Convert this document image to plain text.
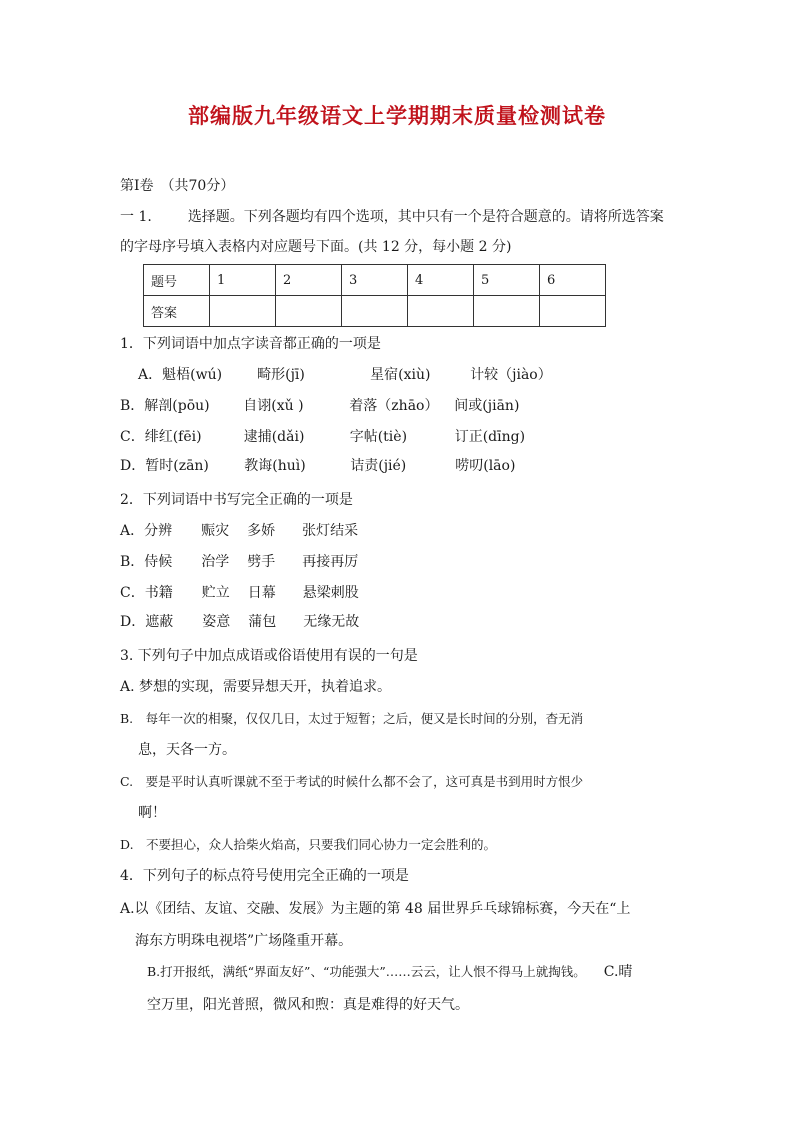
部编版九年级语文上学期期末质量检测试卷
第Ⅰ卷　（共70分）
一 1.	选择题。下列各题均有四个选项，其中只有一个是符合题意的。请将所选答案
的字母序号填入表格内对应题号下面。(共 12 分，每小题 2 分)
题号	1	2	3	4	5	6
答案						
1．下列词语中加点字读音都正确的一项是
A．魁梧(wú)	畸形(jī)	星宿(xiù)	计较（jiào）
B．解剖(pōu) 自诩(xǔ )	着落（zhāo） 间或(jiān)
C．绯红(fēi)	逮捕(dǎi)	字帖(tiè)	订正(dīng)
D．暂时(zān)	教诲(huì)	诘责(jié)	唠叨(lāo)
2．下列词语中书写完全正确的一项是
A．分辨 赈灾 多娇 张灯结采
B．侍候 治学 劈手 再接再厉
C．书籍 贮立 日幕 悬梁刺股
D．遮蔽 姿意 蒲包 无缘无故
3. 下列句子中加点成语或俗语使用有误的一句是
A. 梦想的实现，需要异想天开，执着追求。
B.　每年一次的相聚，仅仅几日，太过于短暂；之后，便又是长时间的分别，杳无消
息，天各一方。
C.　要是平时认真听课就不至于考试的时候什么都不会了，这可真是书到用时方恨少
啊！
D.　不要担心，众人拾柴火焰高，只要我们同心协力一定会胜利的。
4．下列句子的标点符号使用完全正确的一项是
A.以《团结、友谊、交融、发展》为主题的第 48 届世界乒乓球锦标赛，今天在“上
海东方明珠电视塔”广场隆重开幕。
B.打开报纸，满纸“界面友好”、“功能强大”……云云，让人恨不得马上就掏钱。 C.晴
空万里，阳光普照，微风和煦：真是难得的好天气。
